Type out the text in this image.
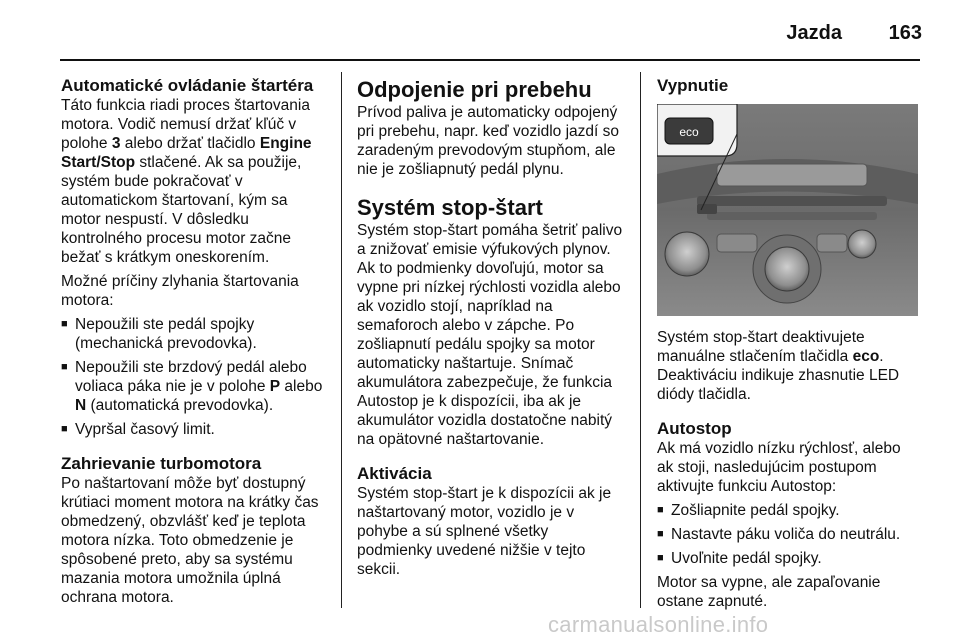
Jazda 163
Automatické ovládanie štartéra

Táto funkcia riadi proces štartovania motora. Vodič nemusí držať kľúč v polohe 3 alebo držať tlačidlo Engine Start/Stop stlačené. Ak sa použije, systém bude pokračovať v automatickom štartovaní, kým sa motor nespustí. V dôsledku kontrolného procesu motor začne bežať s krátkym oneskorením.

Možné príčiny zlyhania štartovania motora:

■ Nepoužili ste pedál spojky (mechanická prevodovka).
■ Nepoužili ste brzdový pedál alebo voliaca páka nie je v polohe P alebo N (automatická prevodovka).
■ Vypršal časový limit.
Zahrievanie turbomotora

Po naštartovaní môže byť dostupný krútiaci moment motora na krátky čas obmedzený, obzvlášť keď je teplota motora nízka. Toto obmedzenie je spôsobené preto, aby sa systému mazania motora umožnila úplná ochrana motora.

Odpojenie pri prebehu

Prívod paliva je automaticky odpojený pri prebehu, napr. keď vozidlo jazdí so zaradeným prevodovým stupňom, ale nie je zošliapnutý pedál plynu.

Systém stop-štart

Systém stop-štart pomáha šetriť palivo a znižovať emisie výfukových plynov. Ak to podmienky dovoľujú, motor sa vypne pri nízkej rýchlosti vozidla alebo ak vozidlo stojí, napríklad na semaforoch alebo v zápche. Po zošliapnutí pedálu spojky sa motor automaticky naštartuje. Snímač akumulátora zabezpečuje, že funkcia Autostop je k dispozícii, iba ak je akumulátor vozidla dostatočne nabitý na opätovné naštartovanie.

Aktivácia

Systém stop-štart je k dispozícii ak je naštartovaný motor, vozidlo je v pohybe a sú splnené všetky podmienky uvedené nižšie v tejto sekcii.

Vypnutie
eco

Systém stop-štart deaktivujete manuálne stlačením tlačidla eco. Deaktiváciu indikuje zhasnutie LED diódy tlačidla.

Autostop

Ak má vozidlo nízku rýchlosť, alebo ak stoji, nasledujúcim postupom aktivujte funkciu Autostop:

■ Zošliapnite pedál spojky.
■ Nastavte páku voliča do neutrálu.
■ Uvoľnite pedál spojky.

Motor sa vypne, ale zapaľovanie ostane zapnuté.

carmanualsonline.info
